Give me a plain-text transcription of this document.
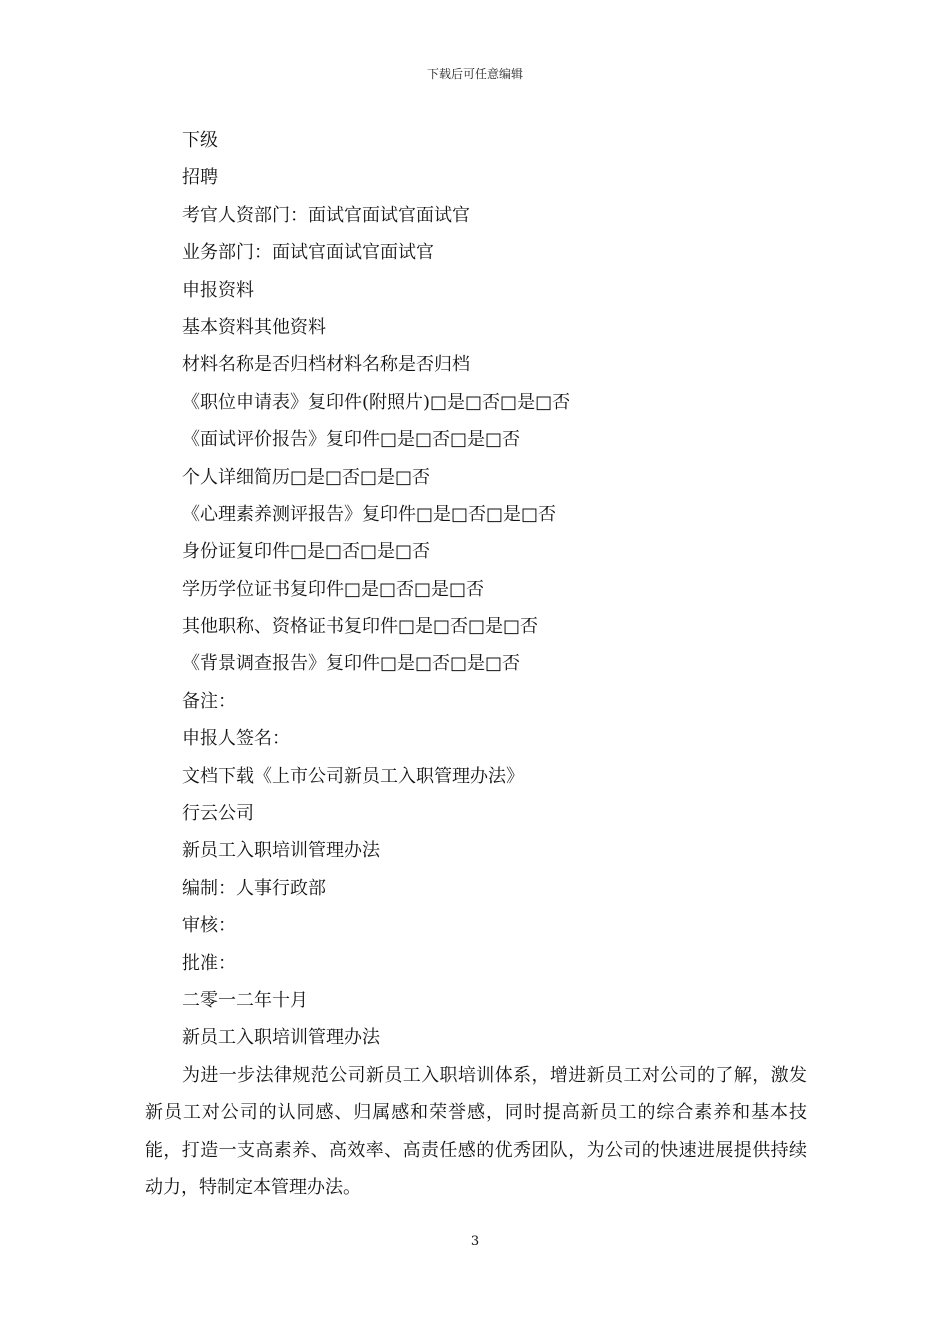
下载后可任意编辑
下级
招聘
考官人资部门：面试官面试官面试官
业务部门：面试官面试官面试官
申报资料
基本资料其他资料
材料名称是否归档材料名称是否归档
《职位申请表》复印件(附照片)□是□否□是□否
《面试评价报告》复印件□是□否□是□否
个人详细简历□是□否□是□否
《心理素养测评报告》复印件□是□否□是□否
身份证复印件□是□否□是□否
学历学位证书复印件□是□否□是□否
其他职称、资格证书复印件□是□否□是□否
《背景调查报告》复印件□是□否□是□否
备注：
申报人签名：
文档下载《上市公司新员工入职管理办法》
行云公司
新员工入职培训管理办法
编制：人事行政部
审核：
批准：
二零一二年十月
新员工入职培训管理办法

为进一步法律规范公司新员工入职培训体系，增进新员工对公司的了解，激发新员工对公司的认同感、归属感和荣誉感，同时提高新员工的综合素养和基本技能，打造一支高素养、高效率、高责任感的优秀团队，为公司的快速进展提供持续动力，特制定本管理办法。

3
